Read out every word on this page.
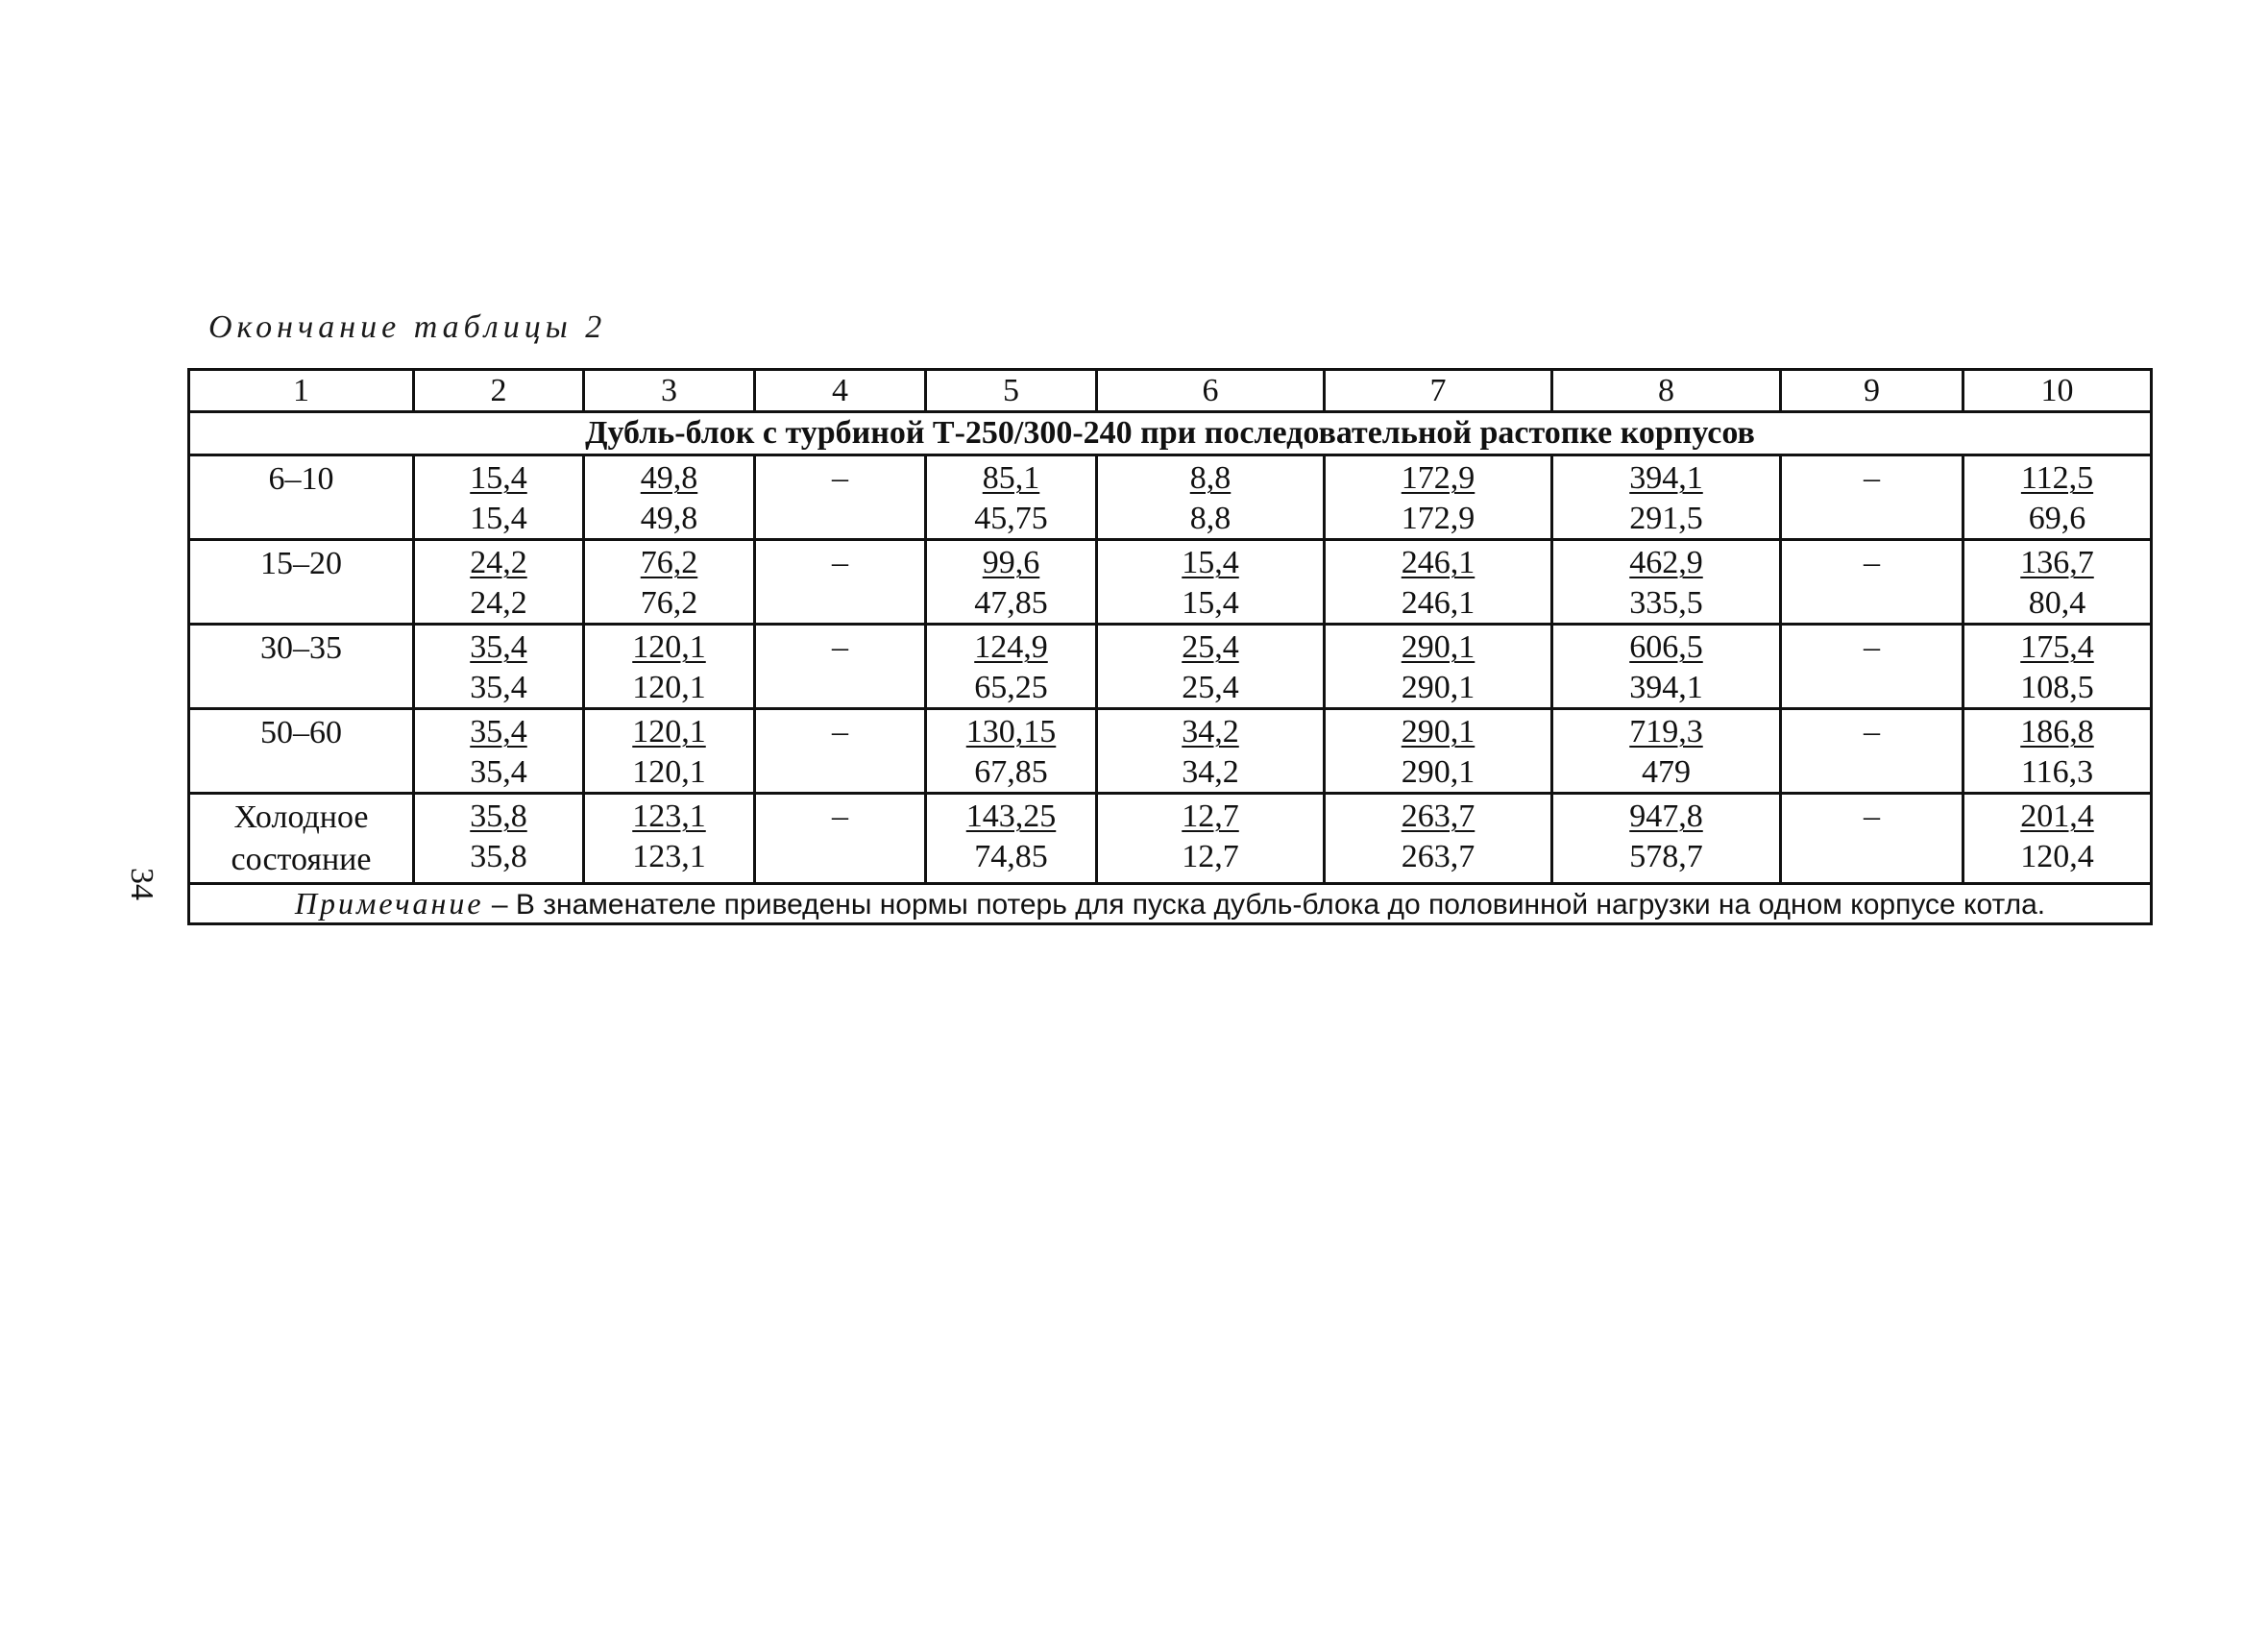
Окончание таблицы 2
34
1	2	3	4	5	6	7	8	9	10
Дубль-блок с турбиной Т-250/300-240 при последовательной растопке корпусов									

6–10	$\frac{15,4}{15,4}$	$\frac{49,8}{49,8}$	–	$\frac{85,1}{45,75}$	$\frac{8,8}{8,8}$	$\frac{172,9}{172,9}$	$\frac{394,1}{291,5}$	–	$\frac{112,5}{69,6}$

15–20	$\frac{24,2}{24,2}$	$\frac{76,2}{76,2}$	–	$\frac{99,6}{47,85}$	$\frac{15,4}{15,4}$	$\frac{246,1}{246,1}$	$\frac{462,9}{335,5}$	–	$\frac{136,7}{80,4}$

30–35	$\frac{35,4}{35,4}$	$\frac{120,1}{120,1}$	–	$\frac{124,9}{65,25}$	$\frac{25,4}{25,4}$	$\frac{290,1}{290,1}$	$\frac{606,5}{394,1}$	–	$\frac{175,4}{108,5}$

50–60	$\frac{35,4}{35,4}$	$\frac{120,1}{120,1}$	–	$\frac{130,15}{67,85}$	$\frac{34,2}{34,2}$	$\frac{290,1}{290,1}$	$\frac{719,3}{479}$	–	$\frac{186,8}{116,3}$

Холодное
состояние	$\frac{35,8}{35,8}$	$\frac{123,1}{123,1}$	–	$\frac{143,25}{74,85}$	$\frac{12,7}{12,7}$	$\frac{263,7}{263,7}$	$\frac{947,8}{578,7}$	–	$\frac{201,4}{120,4}$

Примечание – В знаменателе приведены нормы потерь для пуска дубль-блока до половинной нагрузки на одном корпусе котла.									
